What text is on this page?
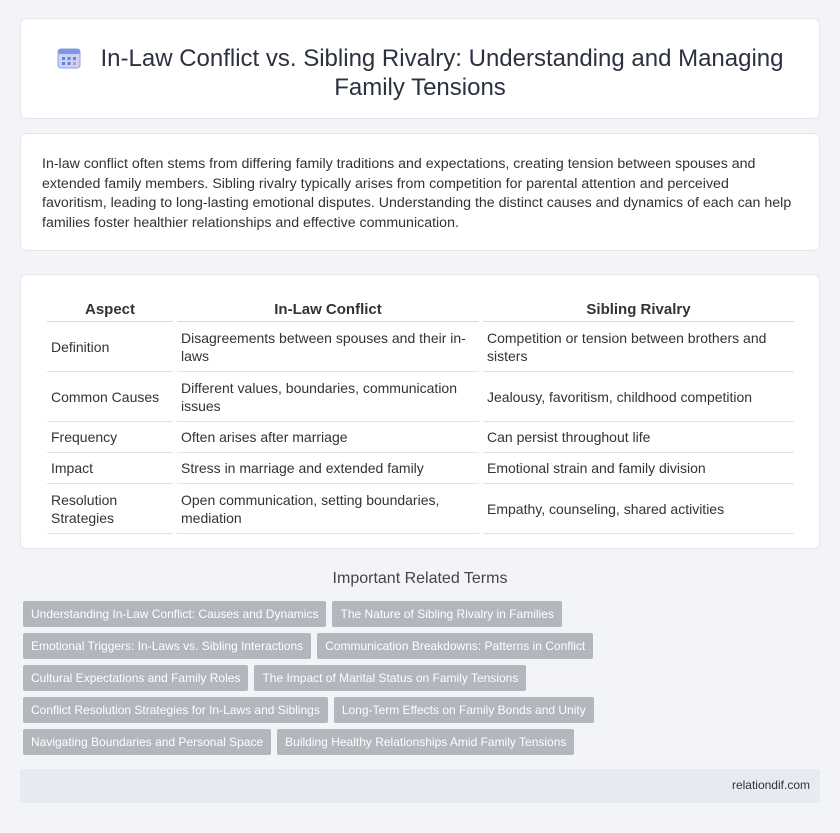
In-Law Conflict vs. Sibling Rivalry: Understanding and Managing Family Tensions

In-law conflict often stems from differing family traditions and expectations, creating tension between spouses and extended family members. Sibling rivalry typically arises from competition for parental attention and perceived favoritism, leading to long-lasting emotional disputes. Understanding the distinct causes and dynamics of each can help families foster healthier relationships and effective communication.

Aspect	In-Law Conflict	Sibling Rivalry
Definition	Disagreements between spouses and their in-laws	Competition or tension between brothers and sisters
Common Causes	Different values, boundaries, communication issues	Jealousy, favoritism, childhood competition
Frequency	Often arises after marriage	Can persist throughout life
Impact	Stress in marriage and extended family	Emotional strain and family division
Resolution Strategies	Open communication, setting boundaries, mediation	Empathy, counseling, shared activities
Important Related Terms
Understanding In-Law Conflict: Causes and Dynamics The Nature of Sibling Rivalry in Families
Emotional Triggers: In-Laws vs. Sibling Interactions Communication Breakdowns: Patterns in Conflict
Cultural Expectations and Family Roles The Impact of Marital Status on Family Tensions
Conflict Resolution Strategies for In-Laws and Siblings Long-Term Effects on Family Bonds and Unity
Navigating Boundaries and Personal Space Building Healthy Relationships Amid Family Tensions
relationdif.com
